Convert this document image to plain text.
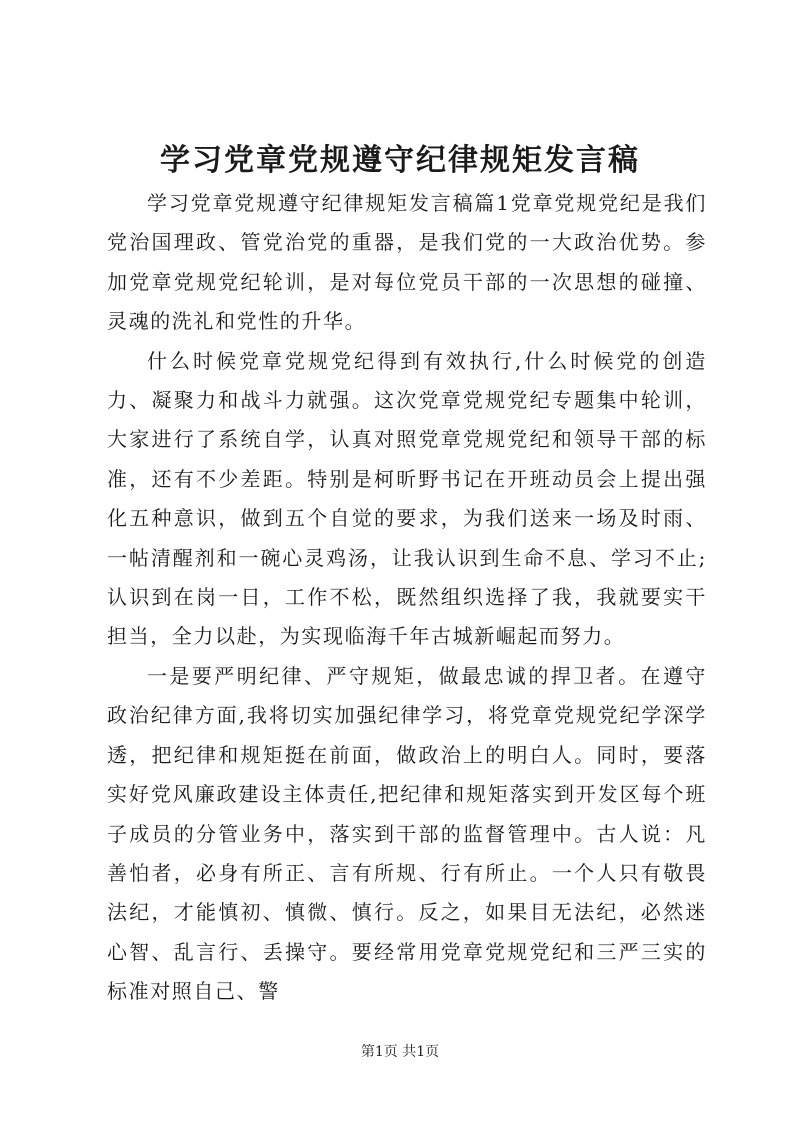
学习党章党规遵守纪律规矩发言稿

学习党章党规遵守纪律规矩发言稿篇1党章党规党纪是我们党治国理政、管党治党的重器，是我们党的一大政治优势。参加党章党规党纪轮训，是对每位党员干部的一次思想的碰撞、灵魂的洗礼和党性的升华。

什么时候党章党规党纪得到有效执行,什么时候党的创造力、凝聚力和战斗力就强。这次党章党规党纪专题集中轮训，大家进行了系统自学，认真对照党章党规党纪和领导干部的标准，还有不少差距。特别是柯昕野书记在开班动员会上提出强化五种意识，做到五个自觉的要求，为我们送来一场及时雨、一帖清醒剂和一碗心灵鸡汤，让我认识到生命不息、学习不止;认识到在岗一日，工作不松，既然组织选择了我，我就要实干担当，全力以赴，为实现临海千年古城新崛起而努力。

一是要严明纪律、严守规矩，做最忠诚的捍卫者。在遵守政治纪律方面,我将切实加强纪律学习，将党章党规党纪学深学透，把纪律和规矩挺在前面，做政治上的明白人。同时，要落实好党风廉政建设主体责任,把纪律和规矩落实到开发区每个班子成员的分管业务中，落实到干部的监督管理中。古人说：凡善怕者，必身有所正、言有所规、行有所止。一个人只有敬畏法纪，才能慎初、慎微、慎行。反之，如果目无法纪，必然迷心智、乱言行、丢操守。要经常用党章党规党纪和三严三实的标准对照自己、警

第1页 共1页
